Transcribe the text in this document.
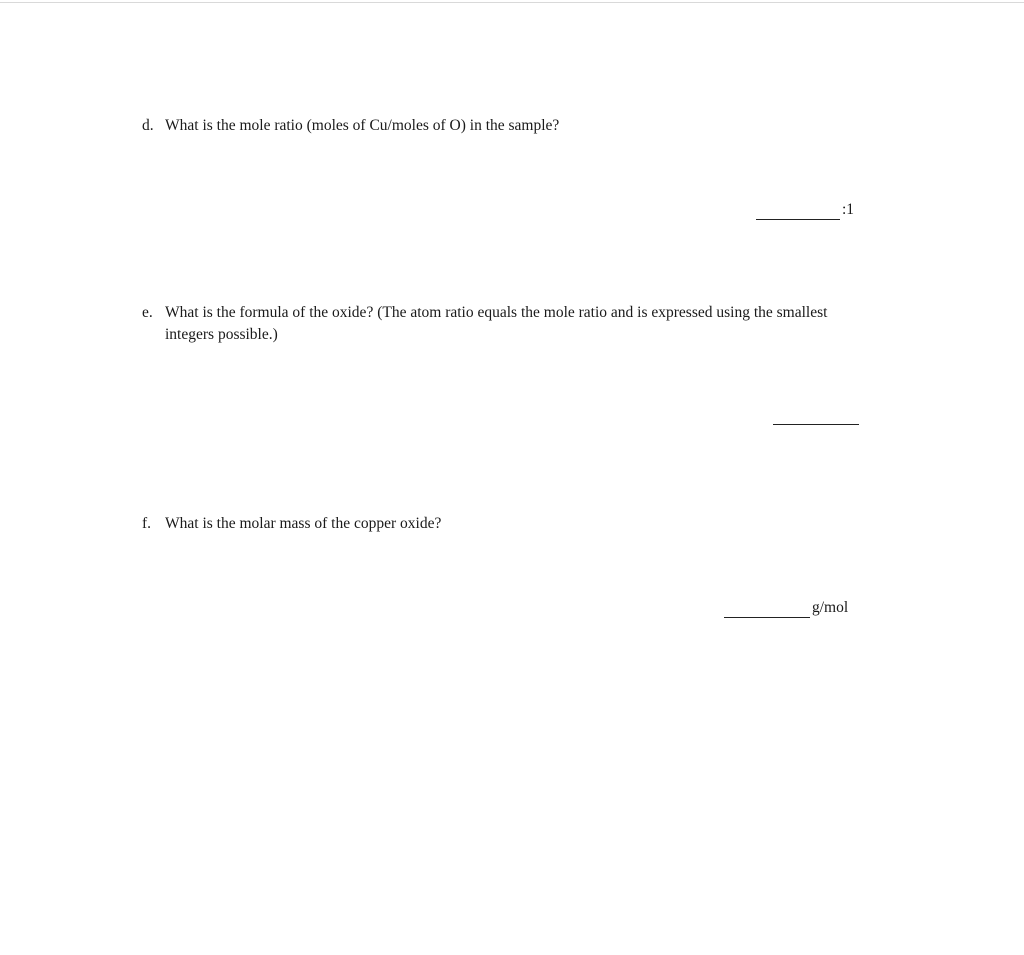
d. What is the mole ratio (moles of Cu/moles of O) in the sample?
:1
e. What is the formula of the oxide? (The atom ratio equals the mole ratio and is expressed using the smallest integers possible.)
f. What is the molar mass of the copper oxide?
g/mol
